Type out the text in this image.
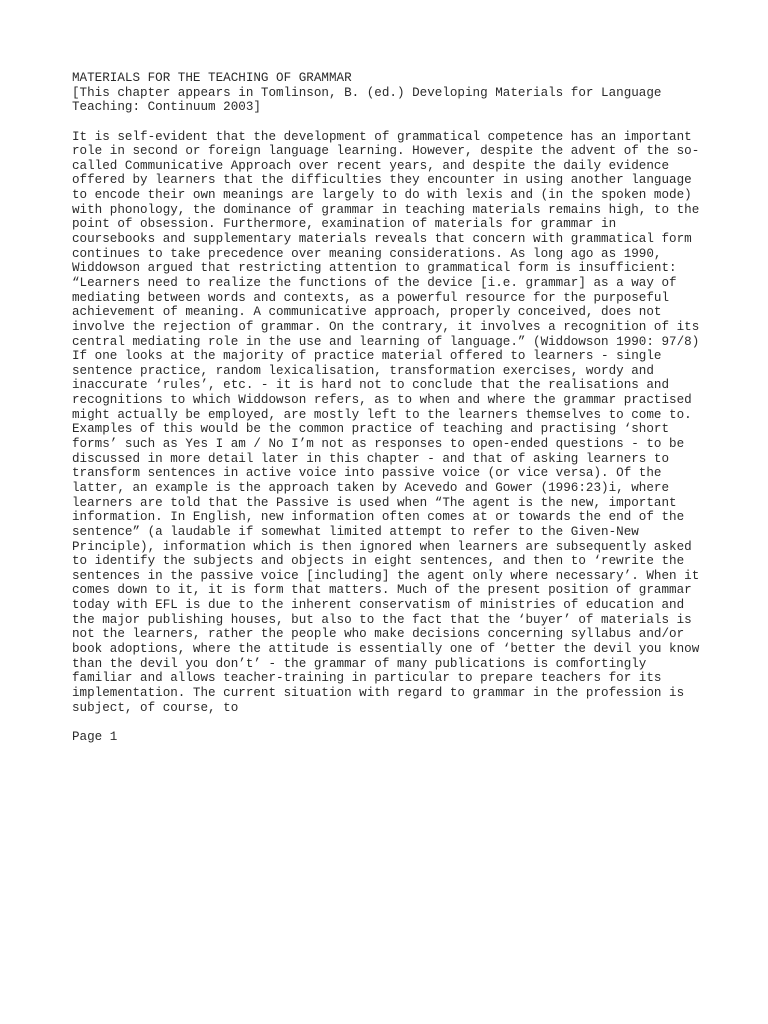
MATERIALS FOR THE TEACHING OF GRAMMAR
[This chapter appears in Tomlinson, B. (ed.) Developing Materials for Language
Teaching: Continuum 2003]
It is self-evident that the development of grammatical competence has an important
role in second or foreign language learning. However, despite the advent of the so-
called Communicative Approach over recent years, and despite the daily evidence
offered by learners that the difficulties they encounter in using another language
to encode their own meanings are largely to do with lexis and (in the spoken mode)
with phonology, the dominance of grammar in teaching materials remains high, to the
point of obsession. Furthermore, examination of materials for grammar in
coursebooks and supplementary materials reveals that concern with grammatical form
continues to take precedence over meaning considerations. As long ago as 1990,
Widdowson argued that restricting attention to grammatical form is insufficient:
“Learners need to realize the functions of the device [i.e. grammar] as a way of
mediating between words and contexts, as a powerful resource for the purposeful
achievement of meaning. A communicative approach, properly conceived, does not
involve the rejection of grammar. On the contrary, it involves a recognition of its
central mediating role in the use and learning of language.” (Widdowson 1990: 97/8)
If one looks at the majority of practice material offered to learners - single
sentence practice, random lexicalisation, transformation exercises, wordy and
inaccurate ‘rules’, etc. - it is hard not to conclude that the realisations and
recognitions to which Widdowson refers, as to when and where the grammar practised
might actually be employed, are mostly left to the learners themselves to come to.
Examples of this would be the common practice of teaching and practising ‘short
forms’ such as Yes I am / No I’m not as responses to open-ended questions - to be
discussed in more detail later in this chapter - and that of asking learners to
transform sentences in active voice into passive voice (or vice versa). Of the
latter, an example is the approach taken by Acevedo and Gower (1996:23)i, where
learners are told that the Passive is used when “The agent is the new, important
information. In English, new information often comes at or towards the end of the
sentence” (a laudable if somewhat limited attempt to refer to the Given-New
Principle), information which is then ignored when learners are subsequently asked
to identify the subjects and objects in eight sentences, and then to ‘rewrite the
sentences in the passive voice [including] the agent only where necessary’. When it
comes down to it, it is form that matters. Much of the present position of grammar
today with EFL is due to the inherent conservatism of ministries of education and
the major publishing houses, but also to the fact that the ‘buyer’ of materials is
not the learners, rather the people who make decisions concerning syllabus and/or
book adoptions, where the attitude is essentially one of ‘better the devil you know
than the devil you don’t’ - the grammar of many publications is comfortingly
familiar and allows teacher-training in particular to prepare teachers for its
implementation. The current situation with regard to grammar in the profession is
subject, of course, to
Page 1
